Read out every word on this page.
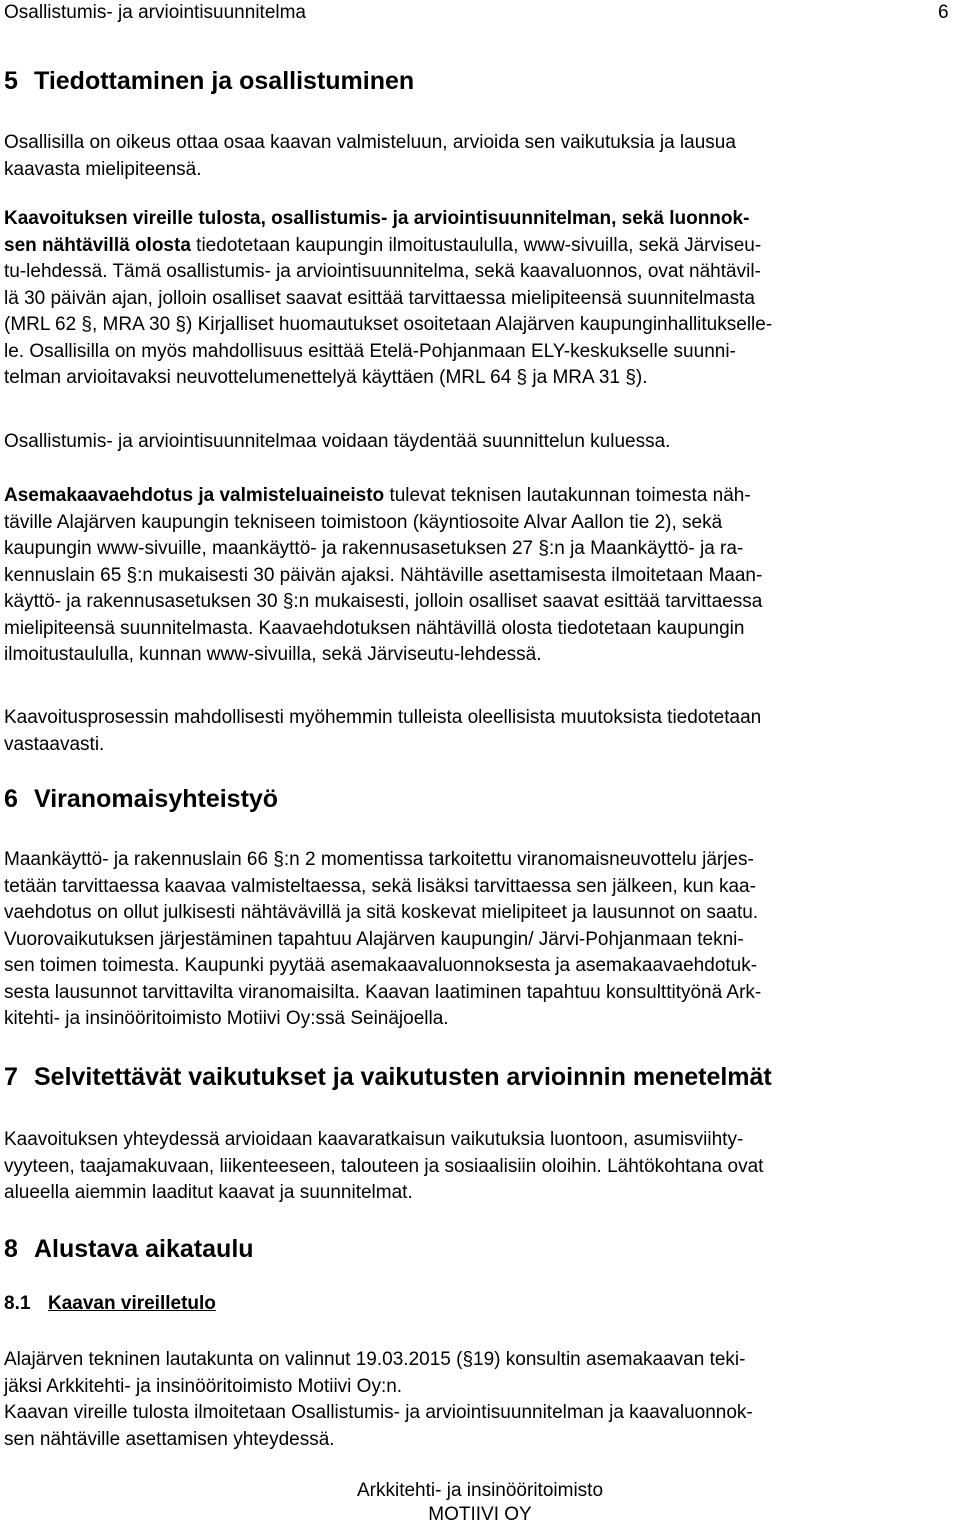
Osallistumis- ja arviointisuunnitelma	6
5 Tiedottaminen ja osallistuminen
Osallisilla on oikeus ottaa osaa kaavan valmisteluun, arvioida sen vaikutuksia ja lausua
kaavasta mielipiteensä.
Kaavoituksen vireille tulosta, osallistumis- ja arviointisuunnitelman, sekä luonnok-
sen nähtävillä olosta tiedotetaan kaupungin ilmoitustaululla, www-sivuilla, sekä Järviseu-
tu-lehdessä. Tämä osallistumis- ja arviointisuunnitelma, sekä kaavaluonnos, ovat nähtävil-
lä 30 päivän ajan, jolloin osalliset saavat esittää tarvittaessa mielipiteensä suunnitelmasta
(MRL 62 §, MRA 30 §) Kirjalliset huomautukset osoitetaan Alajärven kaupunginhallitukselle-
le. Osallisilla on myös mahdollisuus esittää Etelä-Pohjanmaan ELY-keskukselle suunni-
telman arvioitavaksi neuvottelumenettelyä käyttäen (MRL 64 § ja MRA 31 §).
Osallistumis- ja arviointisuunnitelmaa voidaan täydentää suunnittelun kuluessa.
Asemakaavaehdotus ja valmisteluaineisto tulevat teknisen lautakunnan toimesta näh-
täville Alajärven kaupungin tekniseen toimistoon (käyntiosoite Alvar Aallon tie 2), sekä
kaupungin www-sivuille, maankäyttö- ja rakennusasetuksen 27 §:n ja Maankäyttö- ja ra-
kennuslain 65 §:n mukaisesti 30 päivän ajaksi. Nähtäville asettamisesta ilmoitetaan Maan-
käyttö- ja rakennusasetuksen 30 §:n mukaisesti, jolloin osalliset saavat esittää tarvittaessa
mielipiteensä suunnitelmasta. Kaavaehdotuksen nähtävillä olosta tiedotetaan kaupungin
ilmoitustaululla, kunnan www-sivuilla, sekä Järviseutu-lehdessä.
Kaavoitusprosessin mahdollisesti myöhemmin tulleista oleellisista muutoksista tiedotetaan
vastaavasti.
6 Viranomaisyhteistyö
Maankäyttö- ja rakennuslain 66 §:n 2 momentissa tarkoitettu viranomaisneuvottelu järjes-
tetään tarvittaessa kaavaa valmisteltaessa, sekä lisäksi tarvittaessa sen jälkeen, kun kaa-
vaehdotus on ollut julkisesti nähtävävillä ja sitä koskevat mielipiteet ja lausunnot on saatu.
Vuorovaikutuksen järjestäminen tapahtuu Alajärven kaupungin/ Järvi-Pohjanmaan tekni-
sen toimen toimesta. Kaupunki pyytää asemakaavaluonnoksesta ja asemakaavaehdotuk-
sesta lausunnot tarvittavilta viranomaisilta. Kaavan laatiminen tapahtuu konsulttityönä Ark-
kitehti- ja insinööritoimisto Motiivi Oy:ssä Seinäjoella.
7 Selvitettävät vaikutukset ja vaikutusten arvioinnin menetelmät
Kaavoituksen yhteydessä arvioidaan kaavaratkaisun vaikutuksia luontoon, asumisviihty-
vyyteen, taajamakuvaan, liikenteeseen, talouteen ja sosiaalisiin oloihin. Lähtökohtana ovat
alueella aiemmin laaditut kaavat ja suunnitelmat.
8 Alustava aikataulu
8.1 Kaavan vireilletulo
Alajärven tekninen lautakunta on valinnut 19.03.2015 (§19) konsultin asemakaavan teki-
jäksi Arkkitehti- ja insinööritoimisto Motiivi Oy:n.
Kaavan vireille tulosta ilmoitetaan Osallistumis- ja arviointisuunnitelman ja kaavaluonnok-
sen nähtäville asettamisen yhteydessä.
Arkkitehti- ja insinööritoimisto
MOTIIVI OY
